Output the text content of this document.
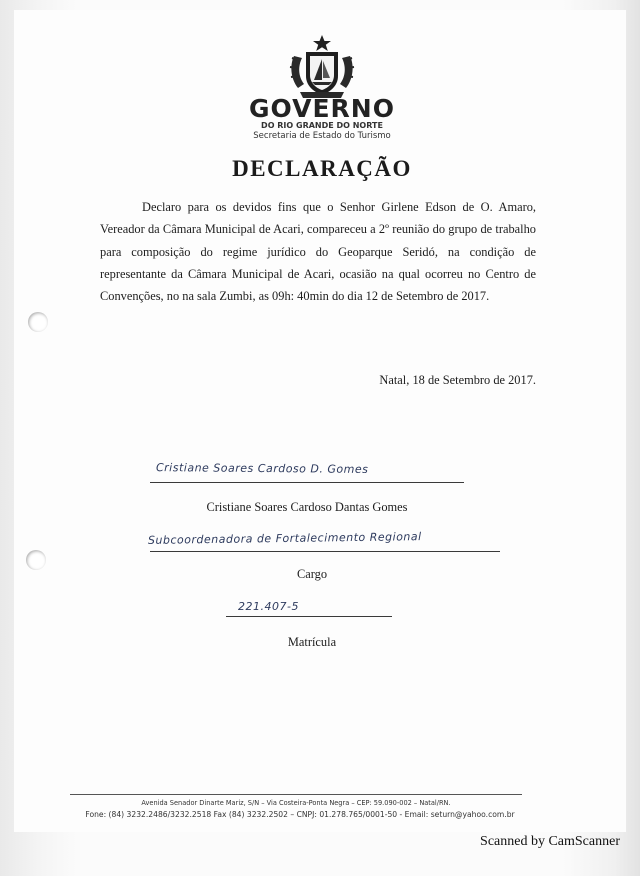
GOVERNO
DO RIO GRANDE DO NORTE
Secretaria de Estado do Turismo
DECLARAÇÃO
Declaro para os devidos fins que o Senhor Girlene Edson de O. Amaro, Vereador da Câmara Municipal de Acari, compareceu a 2º reunião do grupo de trabalho para composição do regime jurídico do Geoparque Seridó, na condição de representante da Câmara Municipal de Acari, ocasião na qual ocorreu no Centro de Convenções, no na sala Zumbi, as 09h: 40min do dia 12 de Setembro de 2017.
Natal, 18 de Setembro de 2017.
Cristiane Soares Cardoso D. Gomes
Cristiane Soares Cardoso Dantas Gomes
Subcoordenadora de Fortalecimento Regional
Cargo
221.407-5
Matrícula
Avenida Senador Dinarte Mariz, S/N – Via Costeira-Ponta Negra – CEP: 59.090-002 – Natal/RN.
Fone: (84) 3232.2486/3232.2518 Fax (84) 3232.2502 – CNPJ: 01.278.765/0001-50 - Email: seturn@yahoo.com.br
Scanned by CamScanner
